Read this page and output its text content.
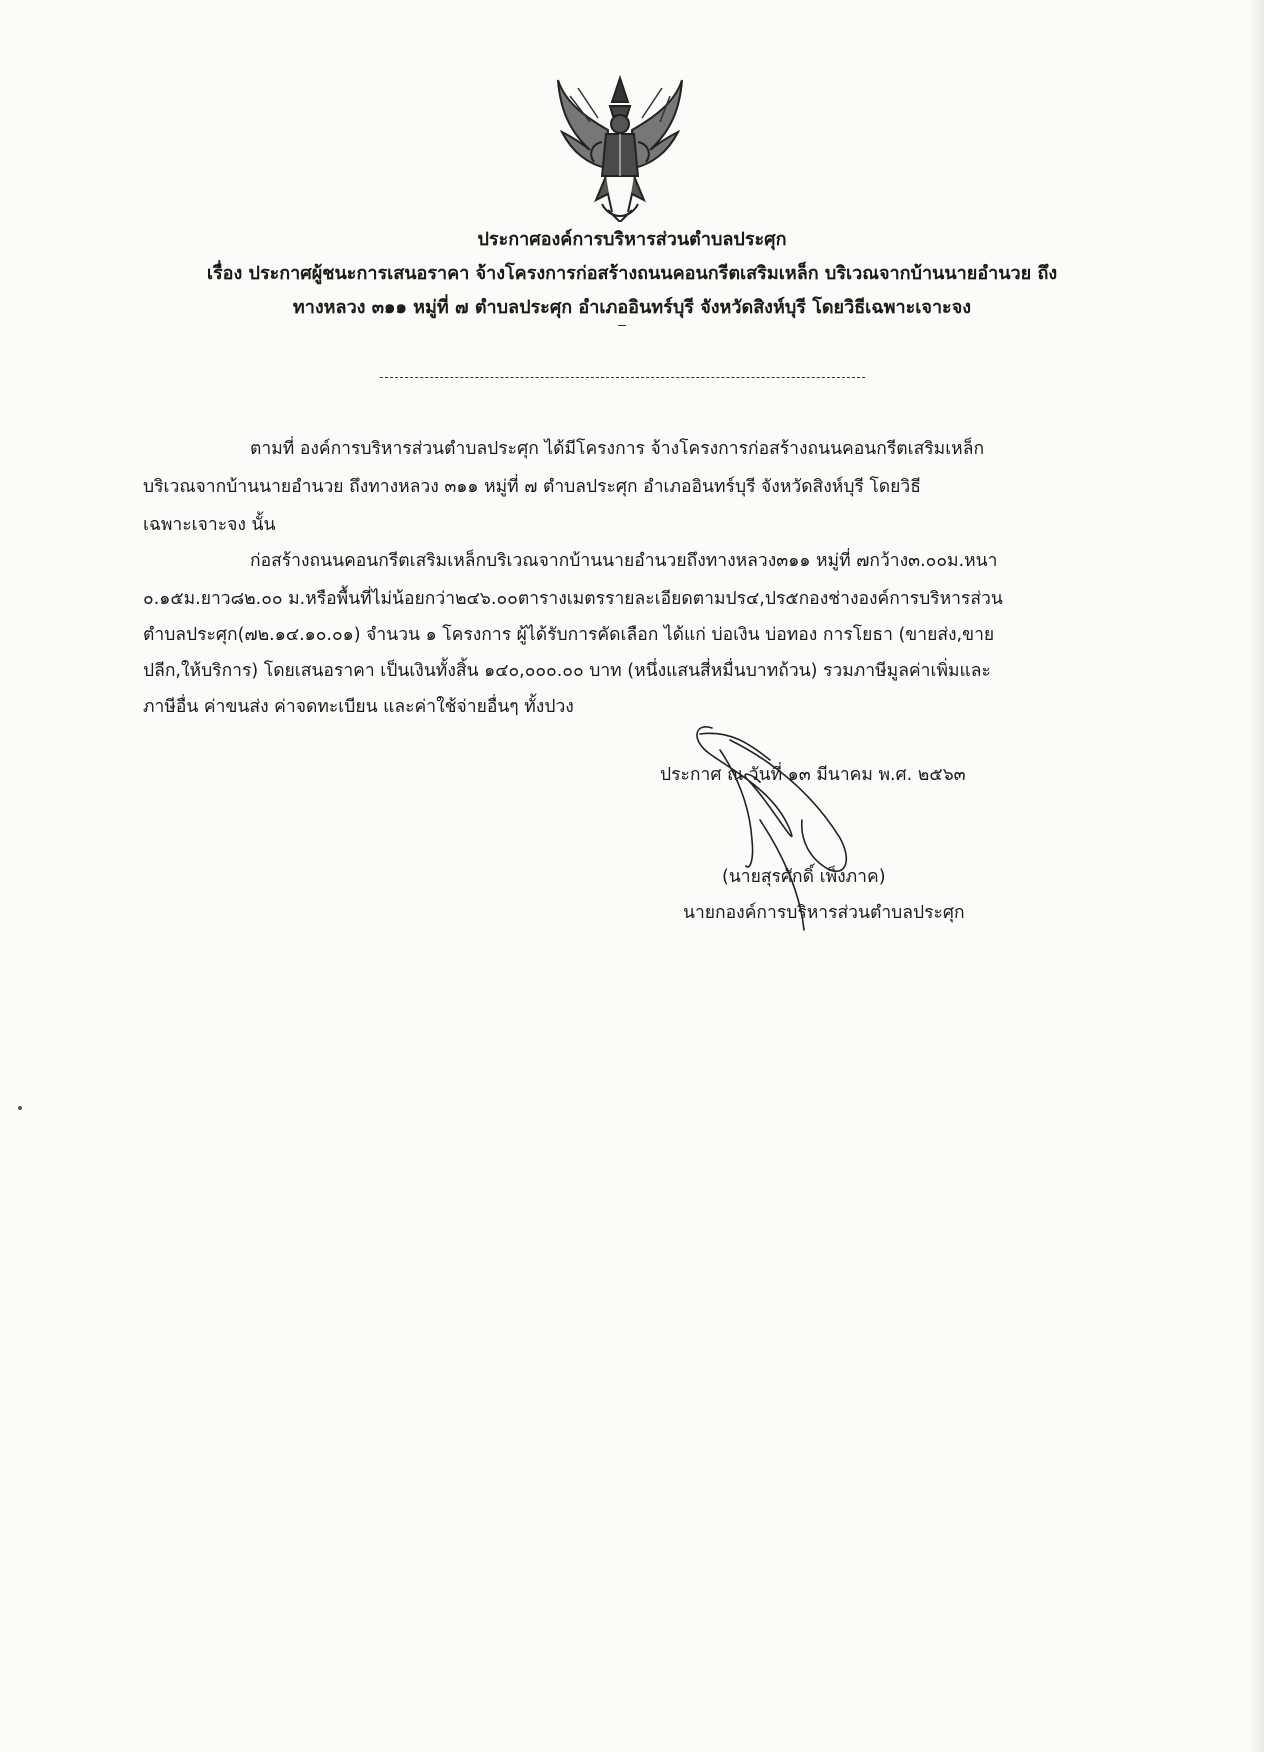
ประกาศองค์การบริหารส่วนตำบลประศุก
เรื่อง ประกาศผู้ชนะการเสนอราคา จ้างโครงการก่อสร้างถนนคอนกรีตเสริมเหล็ก บริเวณจากบ้านนายอำนวย ถึง
ทางหลวง ๓๑๑ หมู่ที่ ๗ ตำบลประศุก อำเภออินทร์บุรี จังหวัดสิงห์บุรี โดยวิธีเฉพาะเจาะจง
ตามที่ องค์การบริหารส่วนตำบลประศุก ได้มีโครงการ จ้างโครงการก่อสร้างถนนคอนกรีตเสริมเหล็ก
บริเวณจากบ้านนายอำนวย ถึงทางหลวง ๓๑๑ หมู่ที่ ๗ ตำบลประศุก อำเภออินทร์บุรี จังหวัดสิงห์บุรี โดยวิธี
เฉพาะเจาะจง นั้น
ก่อสร้างถนนคอนกรีตเสริมเหล็กบริเวณจากบ้านนายอำนวยถึงทางหลวง๓๑๑ หมู่ที่ ๗กว้าง๓.๐๐ม.หนา
๐.๑๕ม.ยาว๘๒.๐๐ ม.หรือพื้นที่ไม่น้อยกว่า๒๔๖.๐๐ตารางเมตรรายละเอียดตามปร๔,ปร๕กองช่างองค์การบริหารส่วน
ตำบลประศุก(๗๒.๑๔.๑๐.๐๑) จำนวน ๑ โครงการ ผู้ได้รับการคัดเลือก ได้แก่ บ่อเงิน บ่อทอง การโยธา (ขายส่ง,ขาย
ปลีก,ให้บริการ) โดยเสนอราคา เป็นเงินทั้งสิ้น ๑๔๐,๐๐๐.๐๐ บาท (หนึ่งแสนสี่หมื่นบาทถ้วน) รวมภาษีมูลค่าเพิ่มและ
ภาษีอื่น ค่าขนส่ง ค่าจดทะเบียน และค่าใช้จ่ายอื่นๆ ทั้งปวง
ประกาศ ณ วันที่ ๑๓ มีนาคม พ.ศ. ๒๕๖๓
(นายสุรศักดิ์ เพ็งภาค)
นายกองค์การบริหารส่วนตำบลประศุก
